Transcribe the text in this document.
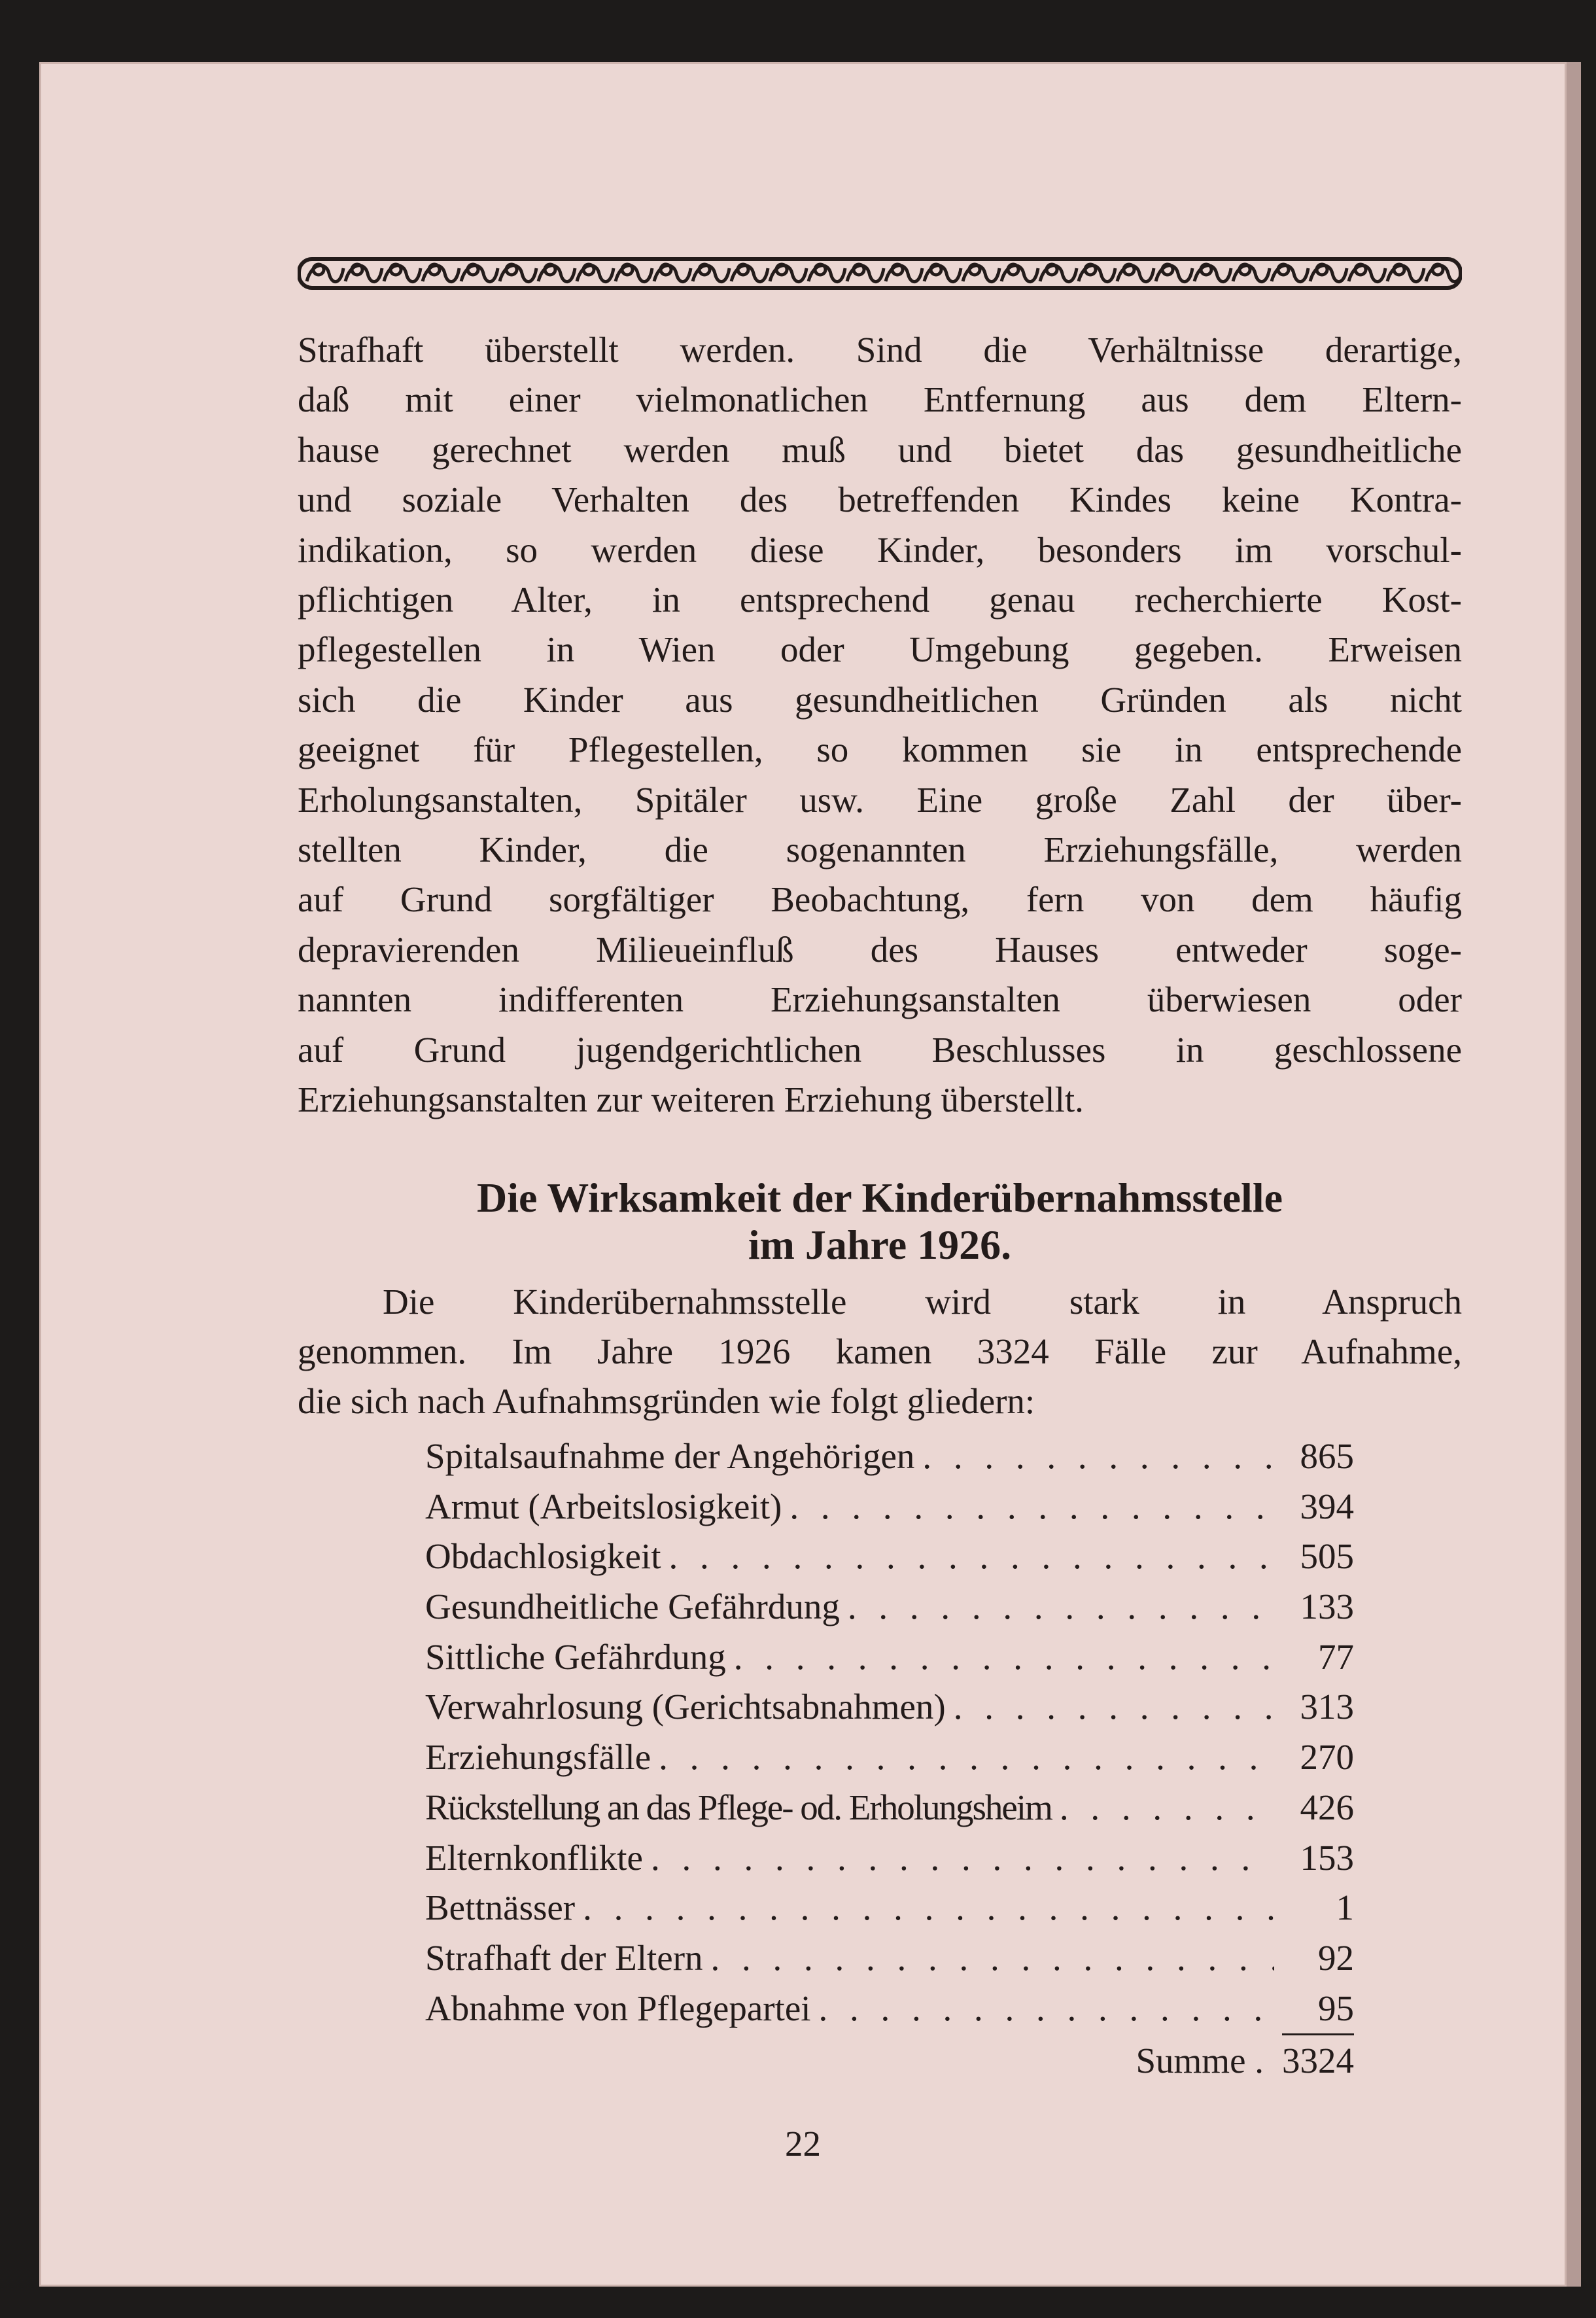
Strafhaft überstellt werden. Sind die Verhältnisse derartige,
daß mit einer vielmonatlichen Entfernung aus dem Eltern-
hause gerechnet werden muß und bietet das gesundheitliche
und soziale Verhalten des betreffenden Kindes keine Kontra-
indikation, so werden diese Kinder, besonders im vorschul-
pflichtigen Alter, in entsprechend genau recherchierte Kost-
pflegestellen in Wien oder Umgebung gegeben. Erweisen
sich die Kinder aus gesundheitlichen Gründen als nicht
geeignet für Pflegestellen, so kommen sie in entsprechende
Erholungsanstalten, Spitäler usw. Eine große Zahl der über-
stellten Kinder, die sogenannten Erziehungsfälle, werden
auf Grund sorgfältiger Beobachtung, fern von dem häufig
depravierenden Milieueinfluß des Hauses entweder soge-
nannten indifferenten Erziehungsanstalten überwiesen oder
auf Grund jugendgerichtlichen Beschlusses in geschlossene
Erziehungsanstalten zur weiteren Erziehung überstellt.

Die Wirksamkeit der Kinderübernahmsstelle
im Jahre 1926.

Die Kinderübernahmsstelle wird stark in Anspruch
genommen. Im Jahre 1926 kamen 3324 Fälle zur Aufnahme,
die sich nach Aufnahmsgründen wie folgt gliedern:

Spitalsaufnahme der Angehörigen . . .	865
Armut (Arbeitslosigkeit) . . .	394
Obdachlosigkeit . . .	505
Gesundheitliche Gefährdung . . .	133
Sittliche Gefährdung . . .	77
Verwahrlosung (Gerichtsabnahmen) . . .	313
Erziehungsfälle . . .	270
Rückstellung an das Pflege- od. Erholungsheim . . .	426
Elternkonflikte . . .	153
Bettnässer . . .	1
Strafhaft der Eltern . . .	92
Abnahme von Pflegepartei . . .	95
Summe . 3324
22
